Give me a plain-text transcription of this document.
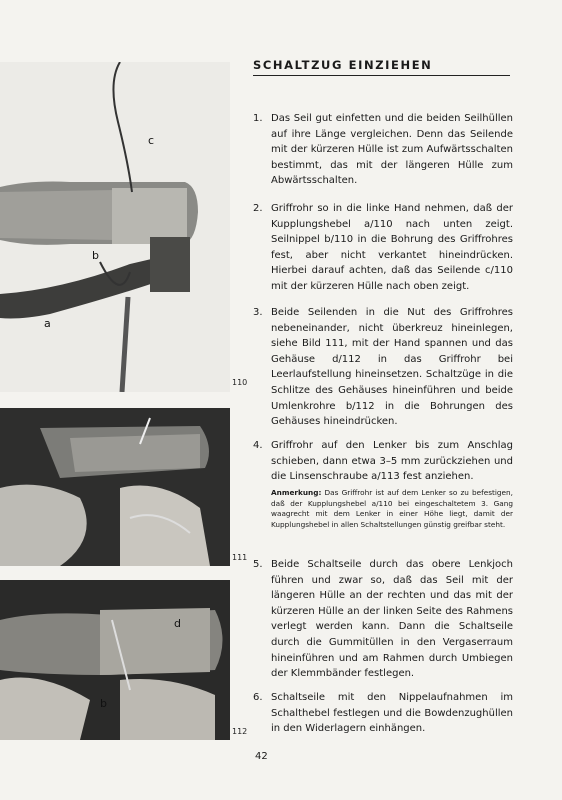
c
b
a
110
111
d
b
112
SCHALTZUG EINZIEHEN
1. Das Seil gut einfetten und die beiden Seilhüllen auf ihre Länge vergleichen. Denn das Seilende mit der kürzeren Hülle ist zum Aufwärtsschalten bestimmt, das mit der längeren Hülle zum Abwärtsschalten.
2. Griffrohr so in die linke Hand nehmen, daß der Kupplungshebel a/110 nach unten zeigt. Seilnippel b/110 in die Bohrung des Griffrohres fest, aber nicht verkantet hineindrücken. Hierbei darauf achten, daß das Seilende c/110 mit der kürzeren Hülle nach oben zeigt.
3. Beide Seilenden in die Nut des Griffrohres nebeneinander, nicht überkreuz hineinlegen, siehe Bild 111, mit der Hand spannen und das Gehäuse d/112 in das Griffrohr bei Leerlaufstellung hineinsetzen. Schaltzüge in die Schlitze des Gehäuses hineinführen und beide Umlenkrohre b/112 in die Bohrungen des Gehäuses hineindrücken.
4. Griffrohr auf den Lenker bis zum Anschlag schieben, dann etwa 3–5 mm zurückziehen und die Linsenschraube a/113 fest anziehen.
Anmerkung: Das Griffrohr ist auf dem Lenker so zu befestigen, daß der Kupplungshebel a/110 bei eingeschaltetem 3. Gang waagrecht mit dem Lenker in einer Höhe liegt, damit der Kupplungshebel in allen Schaltstellungen günstig greifbar steht.
5. Beide Schaltseile durch das obere Lenkjoch führen und zwar so, daß das Seil mit der längeren Hülle an der rechten und das mit der kürzeren Hülle an der linken Seite des Rahmens verlegt werden kann. Dann die Schaltseile durch die Gummitüllen in den Vergaserraum hineinführen und am Rahmen durch Umbiegen der Klemmbänder festlegen.
6. Schaltseile mit den Nippelaufnahmen im Schalthebel festlegen und die Bowdenzughüllen in den Widerlagern einhängen.
42
